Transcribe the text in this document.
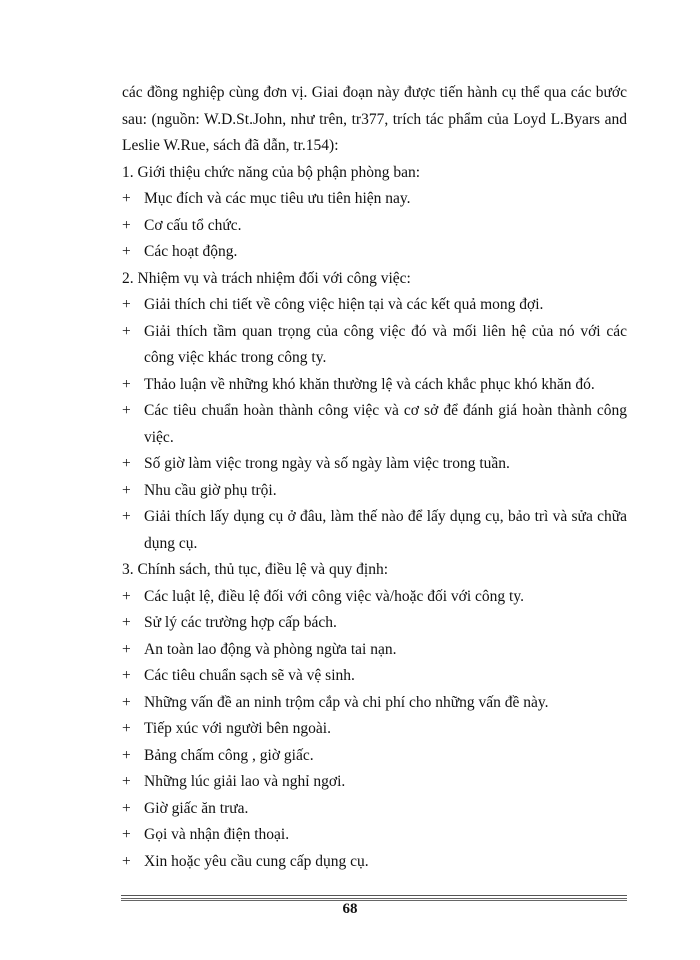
các đồng nghiệp cùng đơn vị. Giai đoạn này được tiến hành cụ thể qua các bước sau: (nguồn: W.D.St.John, như trên, tr377, trích tác phẩm của Loyd L.Byars and Leslie W.Rue, sách đã dẫn, tr.154):
1. Giới thiệu chức năng của bộ phận phòng ban:
+ Mục đích và các mục tiêu ưu tiên hiện nay.
+ Cơ cấu tổ chức.
+ Các hoạt động.
2. Nhiệm vụ và trách nhiệm đối với công việc:
+ Giải thích chi tiết về công việc hiện tại và các kết quả mong đợi.
+ Giải thích tầm quan trọng của công việc đó và mối liên hệ của nó với các công việc khác trong công ty.
+ Thảo luận về những khó khăn thường lệ và cách khắc phục khó khăn đó.
+ Các tiêu chuẩn hoàn thành công việc và cơ sở để đánh giá hoàn thành công việc.
+ Số giờ làm việc trong ngày và số ngày làm việc trong tuần.
+ Nhu cầu giờ phụ trội.
+ Giải thích lấy dụng cụ ở đâu, làm thế nào để lấy dụng cụ, bảo trì và sửa chữa dụng cụ.
3. Chính sách, thủ tục, điều lệ và quy định:
+ Các luật lệ, điều lệ đối với công việc và/hoặc đối với công ty.
+ Sử lý các trường hợp cấp bách.
+ An toàn lao động và phòng ngừa tai nạn.
+ Các tiêu chuẩn sạch sẽ và vệ sinh.
+ Những vấn đề an ninh trộm cắp và chi phí cho những vấn đề này.
+ Tiếp xúc với người bên ngoài.
+ Bảng chấm công , giờ giấc.
+ Những lúc giải lao và nghỉ ngơi.
+ Giờ giấc ăn trưa.
+ Gọi và nhận điện thoại.
+ Xin hoặc yêu cầu cung cấp dụng cụ.
68
